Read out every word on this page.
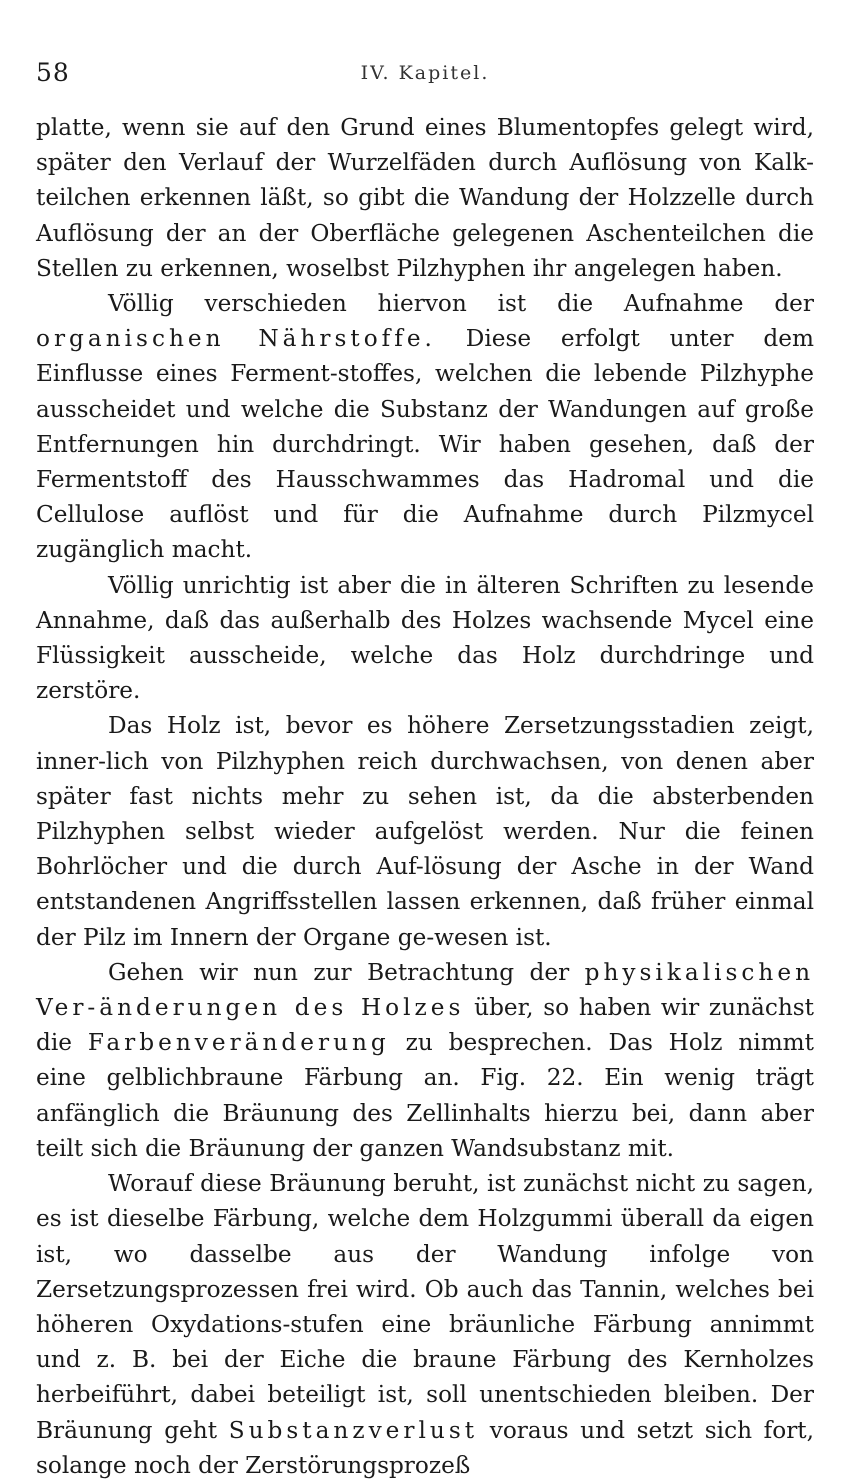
58	IV. Kapitel.

platte, wenn sie auf den Grund eines Blumentopfes gelegt wird, später den Verlauf der Wurzelfäden durch Auflösung von Kalk-teilchen erkennen läßt, so gibt die Wandung der Holzzelle durch Auflösung der an der Oberfläche gelegenen Aschenteilchen die Stellen zu erkennen, woselbst Pilzhyphen ihr angelegen haben.

Völlig verschieden hiervon ist die Aufnahme der organischen Nährstoffe. Diese erfolgt unter dem Einflusse eines Ferment-stoffes, welchen die lebende Pilzhyphe ausscheidet und welche die Substanz der Wandungen auf große Entfernungen hin durchdringt. Wir haben gesehen, daß der Fermentstoff des Hausschwammes das Hadromal und die Cellulose auflöst und für die Aufnahme durch Pilzmycel zugänglich macht.

Völlig unrichtig ist aber die in älteren Schriften zu lesende Annahme, daß das außerhalb des Holzes wachsende Mycel eine Flüssigkeit ausscheide, welche das Holz durchdringe und zerstöre.

Das Holz ist, bevor es höhere Zersetzungsstadien zeigt, inner-lich von Pilzhyphen reich durchwachsen, von denen aber später fast nichts mehr zu sehen ist, da die absterbenden Pilzhyphen selbst wieder aufgelöst werden. Nur die feinen Bohrlöcher und die durch Auf-lösung der Asche in der Wand entstandenen Angriffsstellen lassen erkennen, daß früher einmal der Pilz im Innern der Organe ge-wesen ist.

Gehen wir nun zur Betrachtung der physikalischen Ver-änderungen des Holzes über, so haben wir zunächst die Farbenveränderung zu besprechen. Das Holz nimmt eine gelblichbraune Färbung an. Fig. 22. Ein wenig trägt anfänglich die Bräunung des Zellinhalts hierzu bei, dann aber teilt sich die Bräunung der ganzen Wandsubstanz mit.

Worauf diese Bräunung beruht, ist zunächst nicht zu sagen, es ist dieselbe Färbung, welche dem Holzgummi überall da eigen ist, wo dasselbe aus der Wandung infolge von Zersetzungsprozessen frei wird. Ob auch das Tannin, welches bei höheren Oxydations-stufen eine bräunliche Färbung annimmt und z. B. bei der Eiche die braune Färbung des Kernholzes herbeiführt, dabei beteiligt ist, soll unentschieden bleiben. Der Bräunung geht Substanzverlust voraus und setzt sich fort, solange noch der Zerstörungsprozeß
